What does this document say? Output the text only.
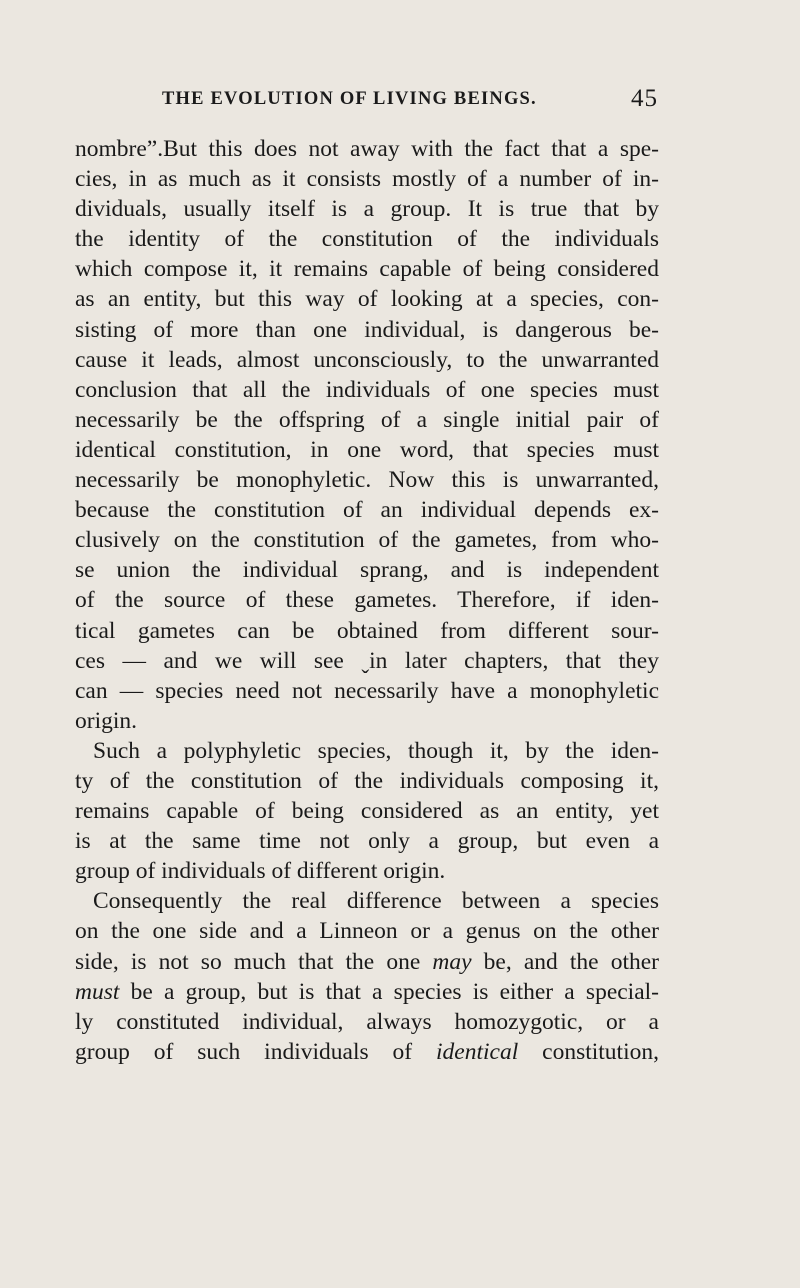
THE EVOLUTION OF LIVING BEINGS.	45
nombre”.But this does not away with the fact that a spe-
cies, in as much as it consists mostly of a number of in-
dividuals, usually itself is a group. It is true that by
the identity of the constitution of the individuals
which compose it, it remains capable of being considered
as an entity, but this way of looking at a species, con-
sisting of more than one individual, is dangerous be-
cause it leads, almost unconsciously, to the unwarranted
conclusion that all the individuals of one species must
necessarily be the offspring of a single initial pair of
identical constitution, in one word, that species must
necessarily be monophyletic. Now this is unwarranted,
because the constitution of an individual depends ex-
clusively on the constitution of the gametes, from who-
se union the individual sprang, and is independent
of the source of these gametes. Therefore, if iden-
tical gametes can be obtained from different sour-
ces — and we will see ˬin later chapters, that they
can — species need not necessarily have a monophyletic
origin.
Such a polyphyletic species, though it, by the iden-
ty of the constitution of the individuals composing it,
remains capable of being considered as an entity, yet
is at the same time not only a group, but even a
group of individuals of different origin.
Consequently the real difference between a species
on the one side and a Linneon or a genus on the other
side, is not so much that the one may be, and the other
must be a group, but is that a species is either a special-
ly constituted individual, always homozygotic, or a
group of such individuals of identical constitution,
